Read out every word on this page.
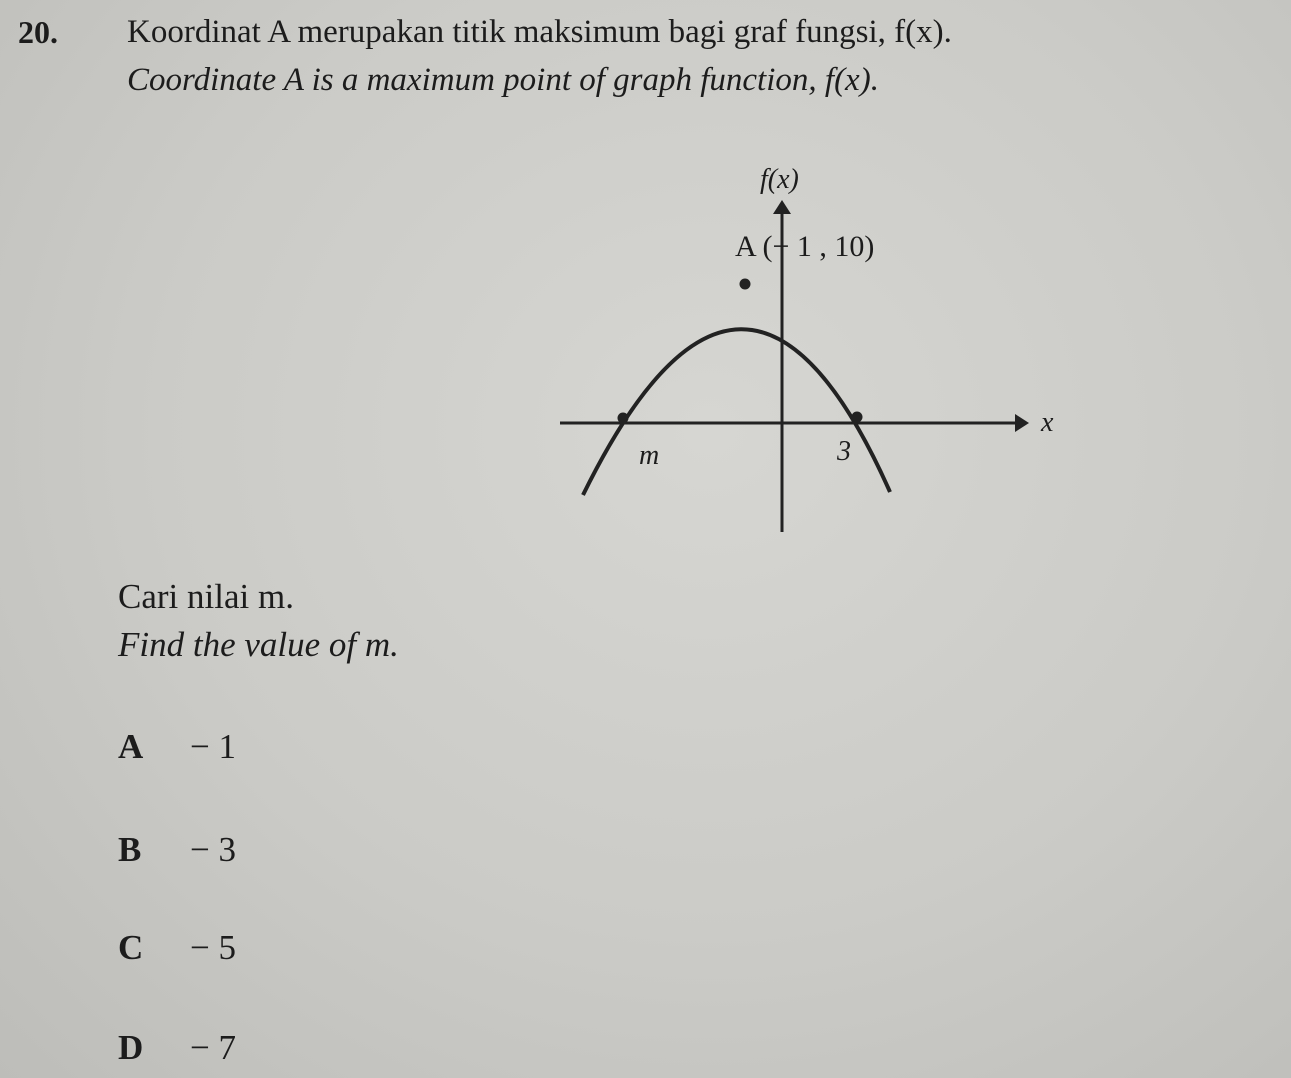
20. Koordinat A merupakan titik maksimum bagi graf fungsi, f(x).
Coordinate A is a maximum point of graph function, f(x).
f(x)
x
A (− 1 , 10)
m	3
Cari nilai m.
Find the value of m.
A	− 1
B	− 3
C	− 5
D	− 7
